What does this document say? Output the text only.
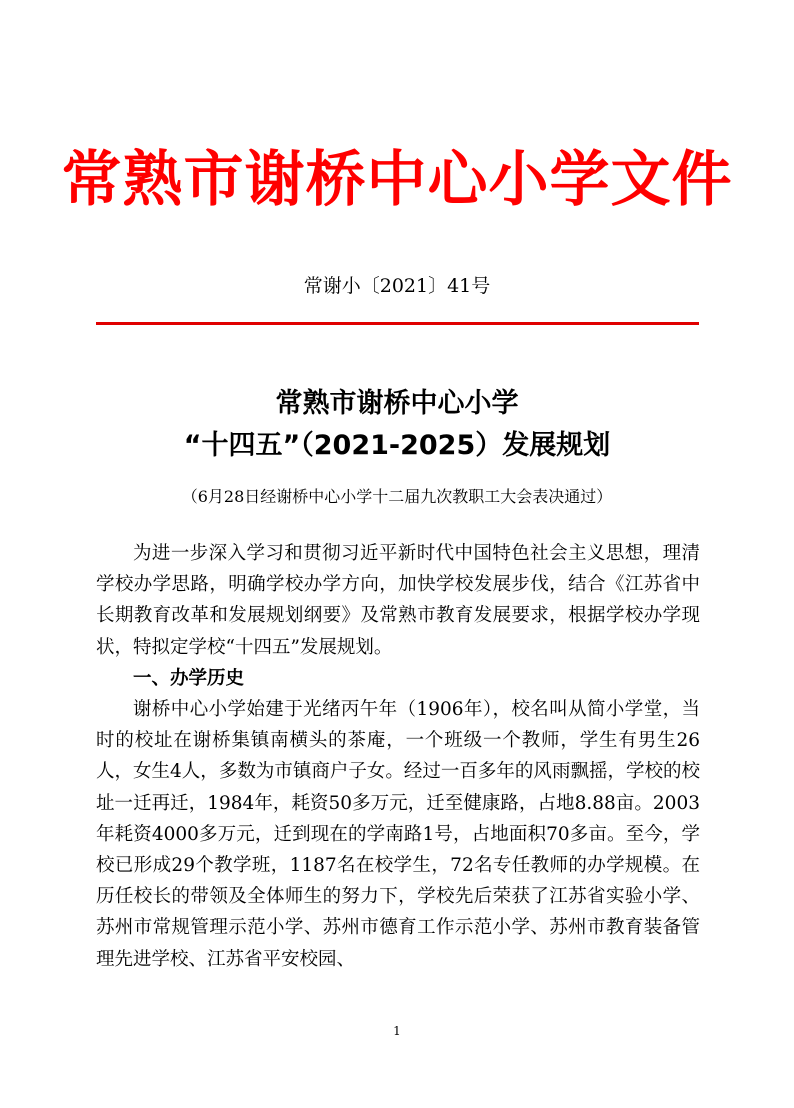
常熟市谢桥中心小学文件
常谢小〔2021〕41号
常熟市谢桥中心小学
“十四五”（2021-2025）发展规划
（6月28日经谢桥中心小学十二届九次教职工大会表决通过）

为进一步深入学习和贯彻习近平新时代中国特色社会主义思想，理清学校办学思路，明确学校办学方向，加快学校发展步伐，结合《江苏省中长期教育改革和发展规划纲要》及常熟市教育发展要求，根据学校办学现状，特拟定学校“十四五”发展规划。

一、办学历史

谢桥中心小学始建于光绪丙午年（1906年），校名叫从简小学堂，当时的校址在谢桥集镇南横头的茶庵，一个班级一个教师，学生有男生26人，女生4人，多数为市镇商户子女。经过一百多年的风雨飘摇，学校的校址一迁再迁，1984年，耗资50多万元，迁至健康路，占地8.88亩。2003年耗资4000多万元，迁到现在的学南路1号，占地面积70多亩。至今，学校已形成29个教学班，1187名在校学生，72名专任教师的办学规模。在历任校长的带领及全体师生的努力下，学校先后荣获了江苏省实验小学、苏州市常规管理示范小学、苏州市德育工作示范小学、苏州市教育装备管理先进学校、江苏省平安校园、

1
